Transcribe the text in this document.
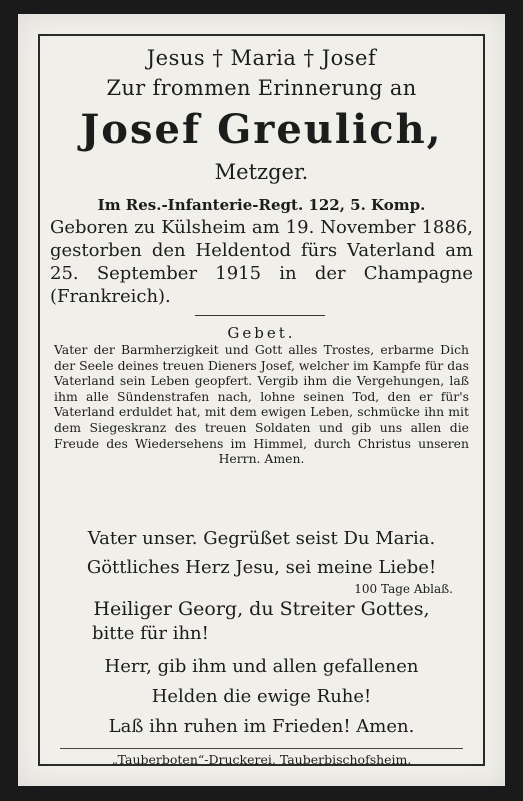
Jesus † Maria † Josef
Zur frommen Erinnerung an
Josef Greulich,
Metzger.
Im Res.-Infanterie-Regt. 122, 5. Komp.
Geboren zu Külsheim am 19. November 1886, gestorben den Heldentod fürs Vaterland am 25. September 1915 in der Champagne (Frankreich).
Gebet.
Vater der Barmherzigkeit und Gott alles Trostes, erbarme Dich der Seele deines treuen Dieners Josef, welcher im Kampfe für das Vaterland sein Leben geopfert. Vergib ihm die Vergehungen, laß ihm alle Sündenstrafen nach, lohne seinen Tod, den er für's Vaterland erduldet hat, mit dem ewigen Leben, schmücke ihn mit dem Siegeskranz des treuen Soldaten und gib uns allen die Freude des Wiedersehens im Himmel, durch Christus unseren Herrn. Amen.
Vater unser. Gegrüßet seist Du Maria.
Göttliches Herz Jesu, sei meine Liebe!
100 Tage Ablaß.
Heiliger Georg, du Streiter Gottes,
bitte für ihn!
Herr, gib ihm und allen gefallenen
Helden die ewige Ruhe!
Laß ihn ruhen im Frieden! Amen.
„Tauberboten“-Druckerei, Tauberbischofsheim.
